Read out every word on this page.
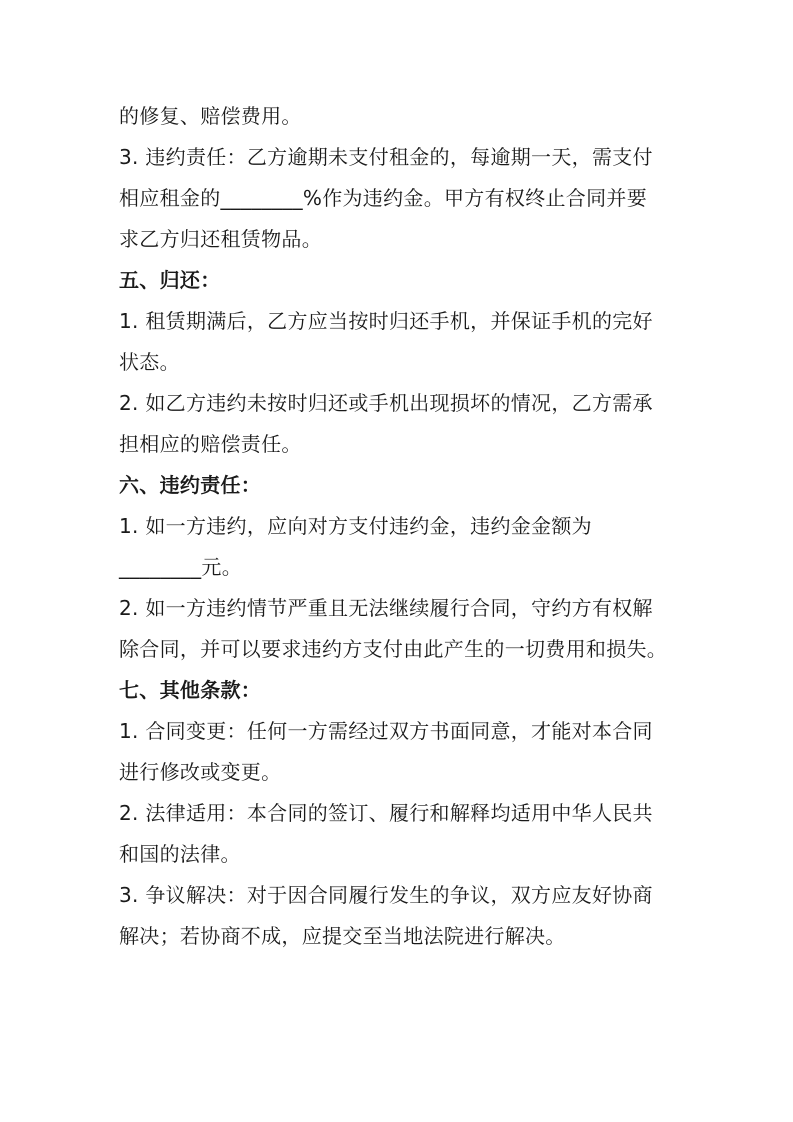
的修复、赔偿费用。
3. 违约责任：乙方逾期未支付租金的，每逾期一天，需支付
相应租金的________%作为违约金。甲方有权终止合同并要
求乙方归还租赁物品。
五、归还：
1. 租赁期满后，乙方应当按时归还手机，并保证手机的完好
状态。
2. 如乙方违约未按时归还或手机出现损坏的情况，乙方需承
担相应的赔偿责任。
六、违约责任：
1. 如一方违约，应向对方支付违约金，违约金金额为
________元。
2. 如一方违约情节严重且无法继续履行合同，守约方有权解
除合同，并可以要求违约方支付由此产生的一切费用和损失。
七、其他条款：
1. 合同变更：任何一方需经过双方书面同意，才能对本合同
进行修改或变更。
2. 法律适用：本合同的签订、履行和解释均适用中华人民共
和国的法律。
3. 争议解决：对于因合同履行发生的争议，双方应友好协商
解决；若协商不成，应提交至当地法院进行解决。
